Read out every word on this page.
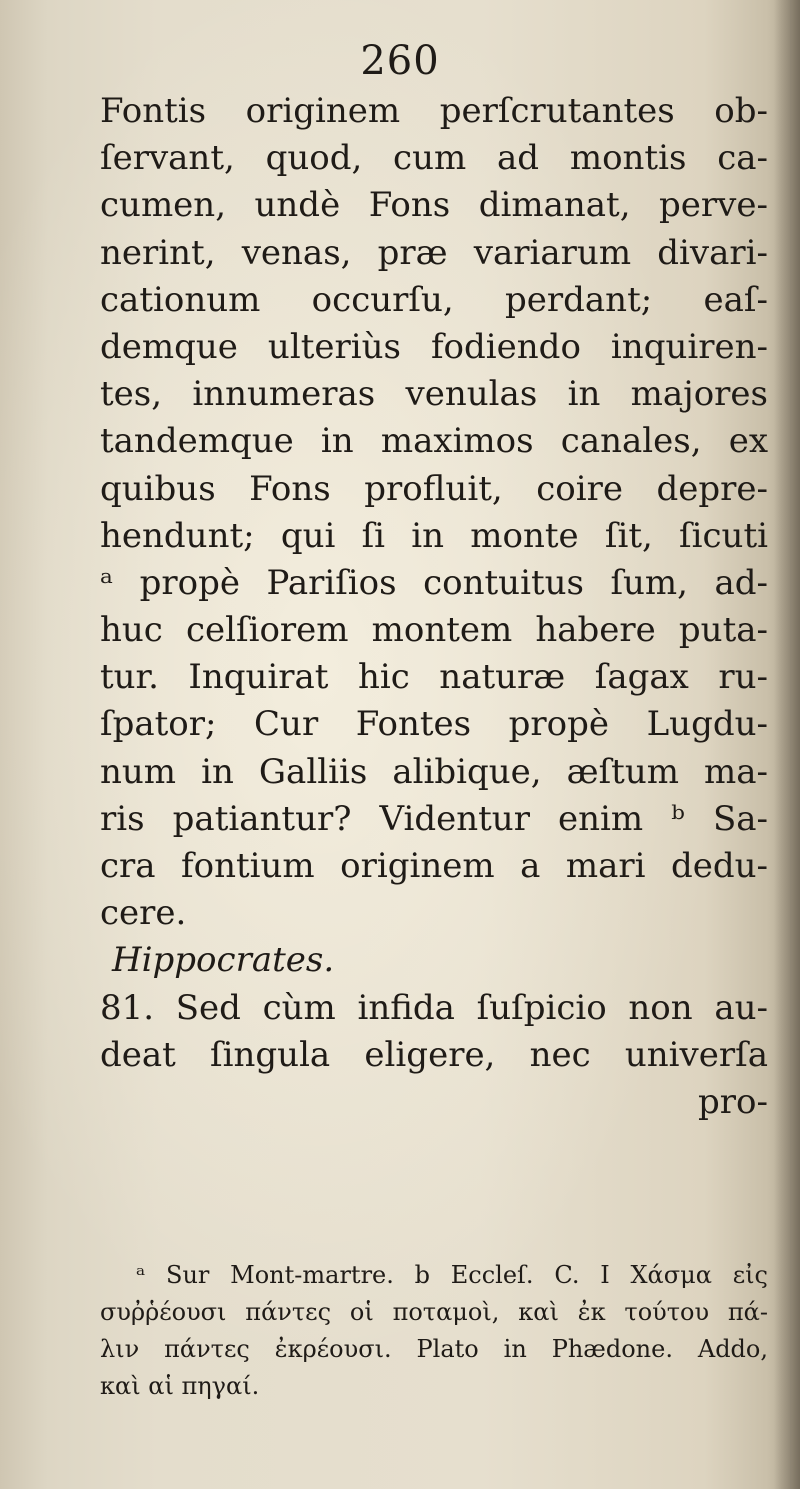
260
Fontis originem perſcrutantes ob-
ſervant, quod, cum ad montis ca-
cumen, undè Fons dimanat, perve-
nerint, venas, præ variarum divari-
cationum occurſu, perdant; eaſ-
demque ulteriùs fodiendo inquiren-
tes, innumeras venulas in majores
tandemque in maximos canales, ex
quibus Fons profluit, coire depre-
hendunt; qui ſi in monte ſit, ſicuti
ᵃ propè Pariſios contuitus ſum, ad-
huc celſiorem montem habere puta-
tur. Inquirat hic naturæ ſagax ru-
ſpator; Cur Fontes propè Lugdu-
num in Galliis alibique, æſtum ma-
ris patiantur? Videntur enim ᵇ Sa-
cra fontium originem a mari dedu-
cere.
Hippocrates.
81. Sed cùm infida ſuſpicio non au-
deat ſingula eligere, nec univerſa
pro-
ᵃ Sur Mont-martre. b Eccleſ. C. I Χάσμα εἰς
συῤῥέουσι πάντες οἱ ποταμοὶ, καὶ ἐκ τούτου πά-
λιν πάντες ἐκρέουσι. Plato in Phædone. Addo,
καὶ αἱ πηγαί.
